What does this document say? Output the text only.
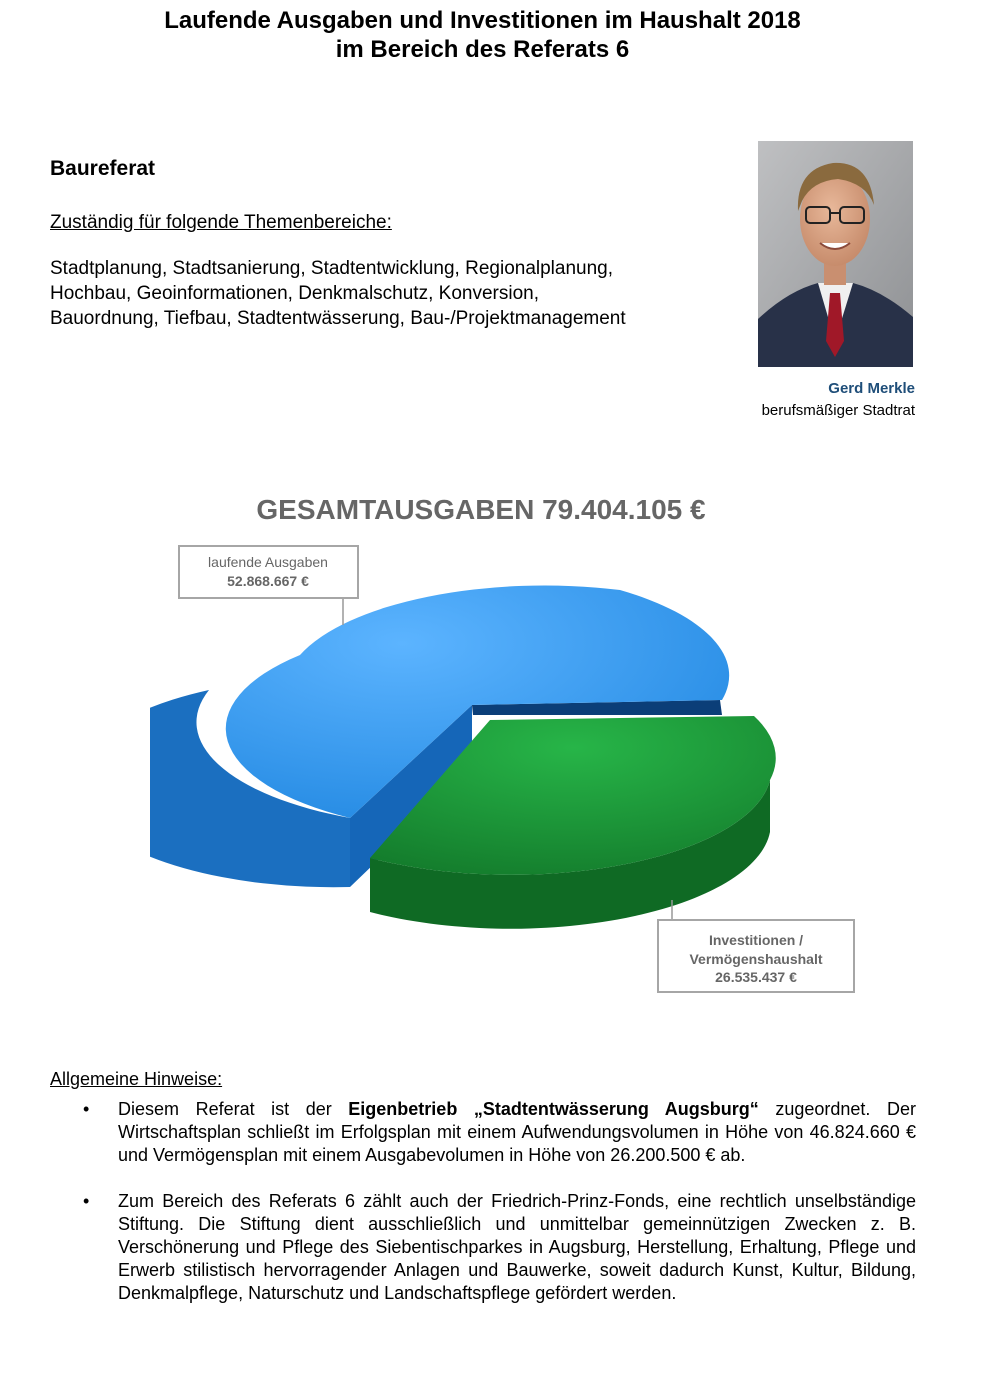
Laufende Ausgaben und Investitionen im Haushalt 2018
im Bereich des Referats 6
Baureferat
Zuständig für folgende Themenbereiche:
Stadtplanung, Stadtsanierung, Stadtentwicklung, Regionalplanung,
Hochbau, Geoinformationen, Denkmalschutz, Konversion,
Bauordnung, Tiefbau, Stadtentwässerung, Bau-/Projektmanagement
Gerd Merkle
berufsmäßiger Stadtrat
GESAMTAUSGABEN 79.404.105 €
laufende Ausgaben
52.868.667 €
Investitionen /
Vermögenshaushalt
26.535.437 €
Allgemeine Hinweise:
• Diesem Referat ist der Eigenbetrieb „Stadtentwässerung Augsburg“ zugeordnet. Der Wirtschaftsplan schließt im Erfolgsplan mit einem Aufwendungsvolumen in Höhe von 46.824.660 € und Vermögensplan mit einem Ausgabevolumen in Höhe von 26.200.500 € ab.
• Zum Bereich des Referats 6 zählt auch der Friedrich-Prinz-Fonds, eine rechtlich unselbständige Stiftung. Die Stiftung dient ausschließlich und unmittelbar gemeinnützigen Zwecken z. B. Verschönerung und Pflege des Siebentischparkes in Augsburg, Herstellung, Erhaltung, Pflege und Erwerb stilistisch hervorragender Anlagen und Bauwerke, soweit dadurch Kunst, Kultur, Bildung, Denkmalpflege, Naturschutz und Landschaftspflege gefördert werden.
